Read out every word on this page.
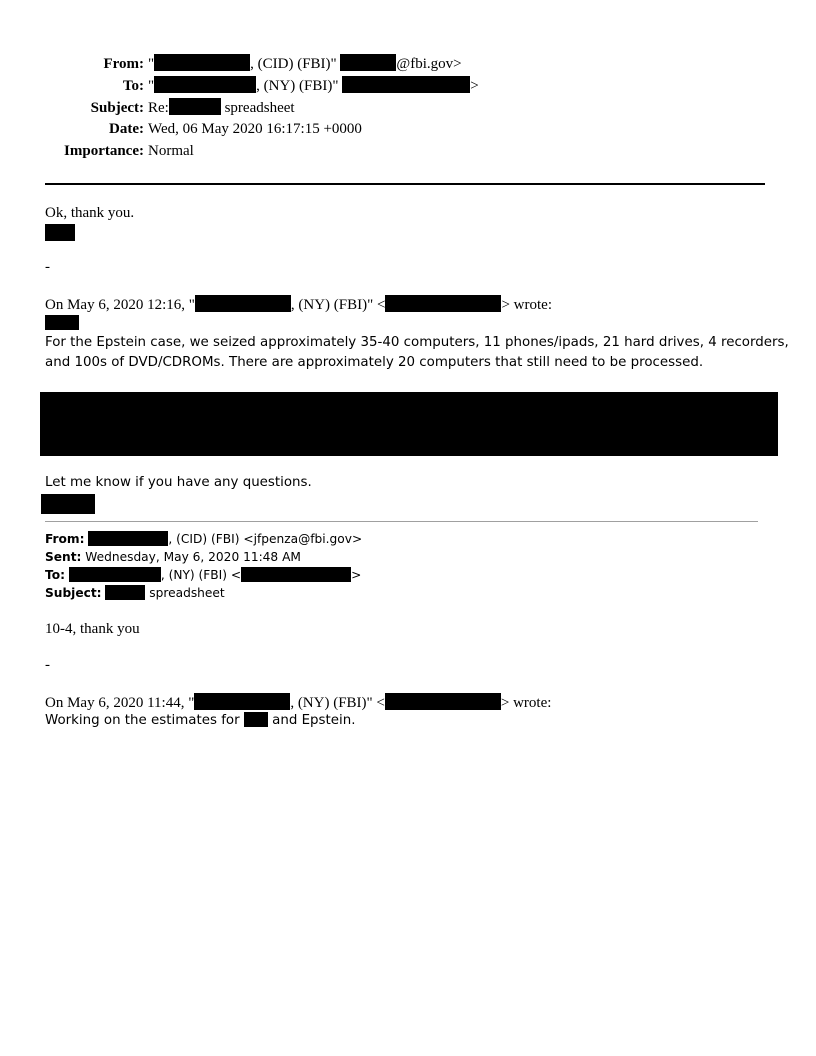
From: "	, (CID) (FBI)"	@fbi.gov>
To: "	, (NY) (FBI)"	>
Subject: Re:	spreadsheet
Date: Wed, 06 May 2020 16:17:15 +0000
Importance: Normal
Ok, thank you.
-
On May 6, 2020 12:16, "	, (NY) (FBI)" <	> wrote:
For the Epstein case, we seized approximately 35-40 computers, 11 phones/ipads, 21 hard drives, 4 recorders,
and 100s of DVD/CDROMs. There are approximately 20 computers that still need to be processed.
Let me know if you have any questions.
From:	, (CID) (FBI) <jfpenza@fbi.gov>
Sent: Wednesday, May 6, 2020 11:48 AM
To:	, (NY) (FBI) <	>
Subject:	spreadsheet
10-4, thank you
-
On May 6, 2020 11:44, "	, (NY) (FBI)" <	> wrote:
Working on the estimates for and Epstein.
